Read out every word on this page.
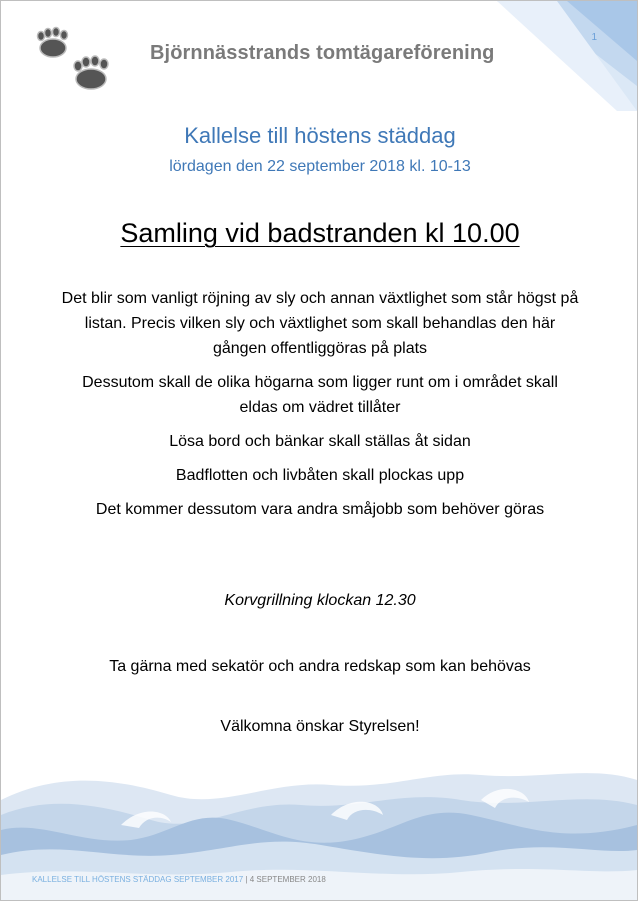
1
Björnnässtrands tomtägareförening
Kallelse till höstens städdag
lördagen den 22 september 2018 kl. 10-13
Samling vid badstranden kl 10.00

Det blir som vanligt röjning av sly och annan växtlighet som står högst på listan. Precis vilken sly och växtlighet som skall behandlas den här gången offentliggöras på plats

Dessutom skall de olika högarna som ligger runt om i området skall eldas om vädret tillåter

Lösa bord och bänkar skall ställas åt sidan

Badflotten och livbåten skall plockas upp

Det kommer dessutom vara andra småjobb som behöver göras

Korvgrillning klockan 12.30
Ta gärna med sekatör och andra redskap som kan behövas
Välkomna önskar Styrelsen!
KALLELSE TILL HÖSTENS STÄDDAG SEPTEMBER 2017 | 4 SEPTEMBER 2018
